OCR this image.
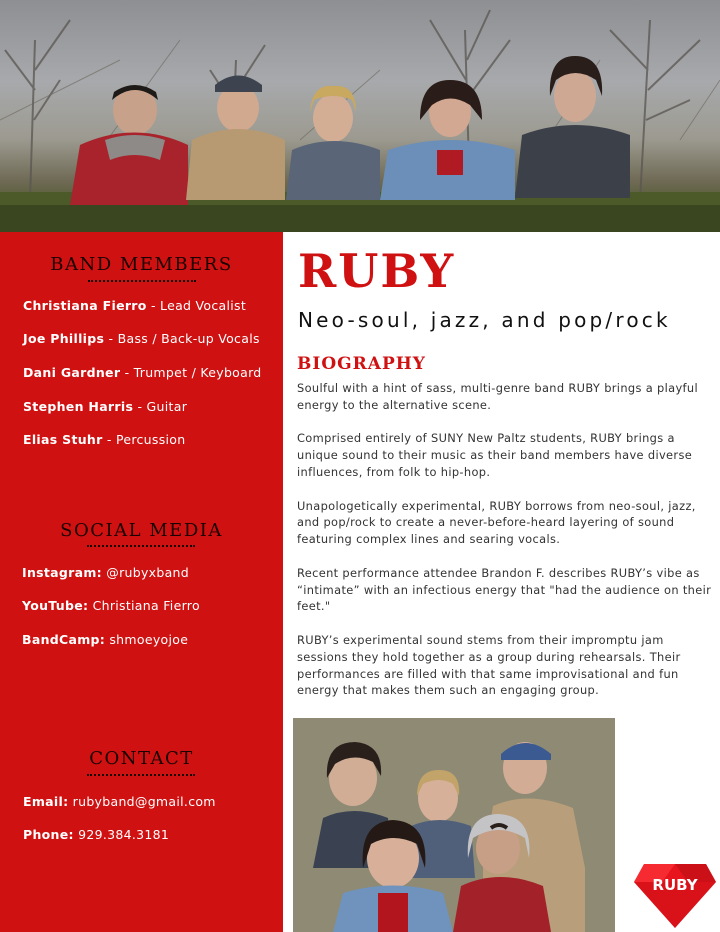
BAND MEMBERS
Christiana Fierro - Lead Vocalist
Joe Phillips - Bass / Back-up Vocals
Dani Gardner - Trumpet / Keyboard
Stephen Harris - Guitar
Elias Stuhr - Percussion
SOCIAL MEDIA
Instagram: @rubyxband
YouTube: Christiana Fierro
BandCamp: shmoeyojoe
CONTACT
Email: rubyband@gmail.com
Phone: 929.384.3181
RUBY
Neo-soul, jazz, and pop/rock
BIOGRAPHY

Soulful with a hint of sass, multi-genre band RUBY brings a playful energy to the alternative scene.

Comprised entirely of SUNY New Paltz students, RUBY brings a unique sound to their music as their band members have diverse influences, from folk to hip-hop.

Unapologetically experimental, RUBY borrows from neo-soul, jazz, and pop/rock to create a never-before-heard layering of sound featuring complex lines and searing vocals.

Recent performance attendee Brandon F. describes RUBY’s vibe as “intimate” with an infectious energy that "had the audience on their feet."

RUBY’s experimental sound stems from their impromptu jam sessions they hold together as a group during rehearsals. Their performances are filled with that same improvisational and fun energy that makes them such an engaging group.

RUBY
